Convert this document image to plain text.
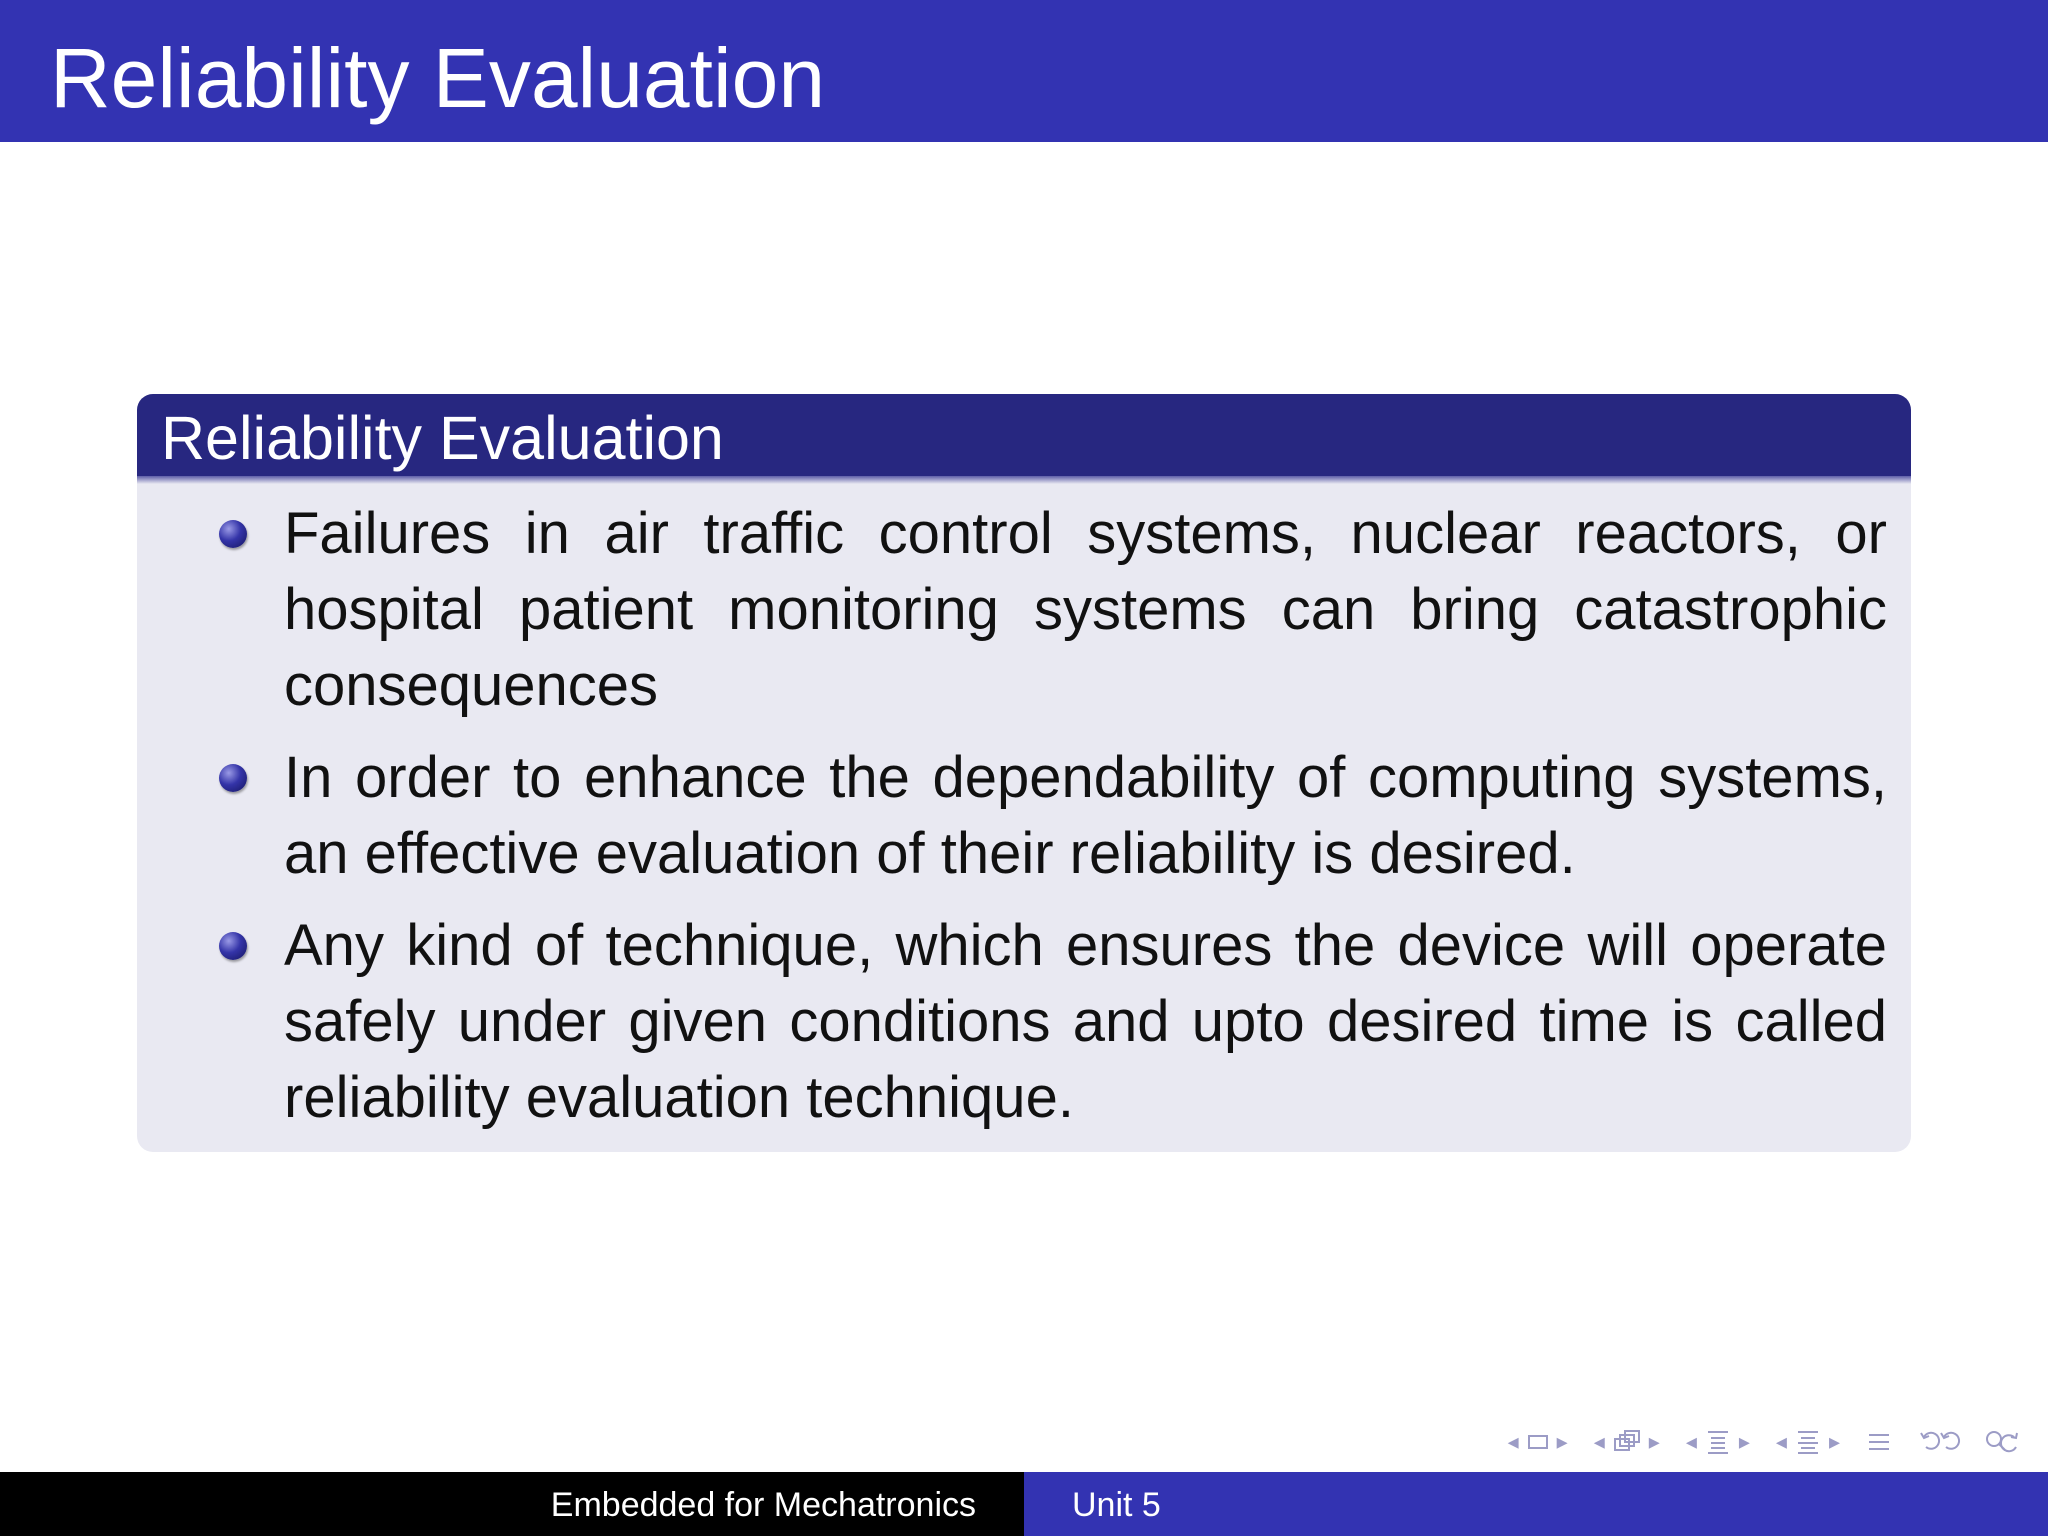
Reliability Evaluation
Reliability Evaluation
Failures in air traffic control systems, nuclear reactors, or hospital patient monitoring systems can bring catastrophic consequences
In order to enhance the dependability of computing systems, an effective evaluation of their reliability is desired.
Any kind of technique, which ensures the device will operate safely under given conditions and upto desired time is called reliability evaluation technique.
◂ ▸ ◂ ▸ ◂ ▸ ◂ ▸
Embedded for Mechatronics	Unit 5
